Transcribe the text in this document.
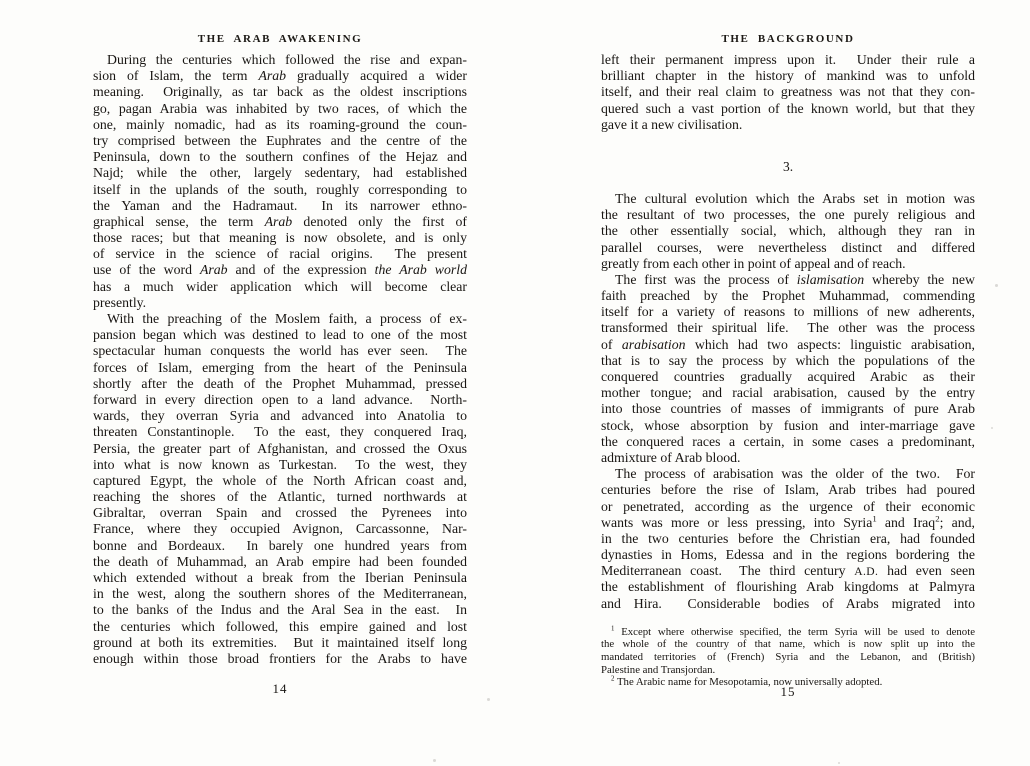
THE ARAB AWAKENING
During the centuries which followed the rise and expan-
sion of Islam, the term Arab gradually acquired a wider
meaning.  Originally, as tar back as the oldest inscriptions
go, pagan Arabia was inhabited by two races, of which the
one, mainly nomadic, had as its roaming-ground the coun-
try comprised between the Euphrates and the centre of the
Peninsula, down to the southern confines of the Hejaz and
Najd; while the other, largely sedentary, had established
itself in the uplands of the south, roughly corresponding to
the Yaman and the Hadramaut.  In its narrower ethno-
graphical sense, the term Arab denoted only the first of
those races; but that meaning is now obsolete, and is only
of service in the science of racial origins.  The present
use of the word Arab and of the expression the Arab world
has a much wider application which will become clear
presently.
With the preaching of the Moslem faith, a process of ex-
pansion began which was destined to lead to one of the most
spectacular human conquests the world has ever seen.  The
forces of Islam, emerging from the heart of the Peninsula
shortly after the death of the Prophet Muhammad, pressed
forward in every direction open to a land advance.  North-
wards, they overran Syria and advanced into Anatolia to
threaten Constantinople.  To the east, they conquered Iraq,
Persia, the greater part of Afghanistan, and crossed the Oxus
into what is now known as Turkestan.  To the west, they
captured Egypt, the whole of the North African coast and,
reaching the shores of the Atlantic, turned northwards at
Gibraltar, overran Spain and crossed the Pyrenees into
France, where they occupied Avignon, Carcassonne, Nar-
bonne and Bordeaux.  In barely one hundred years from
the death of Muhammad, an Arab empire had been founded
which extended without a break from the Iberian Peninsula
in the west, along the southern shores of the Mediterranean,
to the banks of the Indus and the Aral Sea in the east.  In
the centuries which followed, this empire gained and lost
ground at both its extremities.  But it maintained itself long
enough within those broad frontiers for the Arabs to have
14
THE BACKGROUND
left their permanent impress upon it.  Under their rule a
brilliant chapter in the history of mankind was to unfold
itself, and their real claim to greatness was not that they con-
quered such a vast portion of the known world, but that they
gave it a new civilisation.
3.
The cultural evolution which the Arabs set in motion was
the resultant of two processes, the one purely religious and
the other essentially social, which, although they ran in
parallel courses, were nevertheless distinct and differed
greatly from each other in point of appeal and of reach.
The first was the process of islamisation whereby the new
faith preached by the Prophet Muhammad, commending
itself for a variety of reasons to millions of new adherents,
transformed their spiritual life.  The other was the process
of arabisation which had two aspects: linguistic arabisation,
that is to say the process by which the populations of the
conquered countries gradually acquired Arabic as their
mother tongue; and racial arabisation, caused by the entry
into those countries of masses of immigrants of pure Arab
stock, whose absorption by fusion and inter-marriage gave
the conquered races a certain, in some cases a predominant,
admixture of Arab blood.
The process of arabisation was the older of the two.  For
centuries before the rise of Islam, Arab tribes had poured
or penetrated, according as the urgence of their economic
wants was more or less pressing, into Syria$^1$ and Iraq$^2$; and,
in the two centuries before the Christian era, had founded
dynasties in Homs, Edessa and in the regions bordering the
Mediterranean coast.  The third century A.D. had even seen
the establishment of flourishing Arab kingdoms at Palmyra
and Hira.  Considerable bodies of Arabs migrated into
$^1$ Except where otherwise specified, the term Syria will be used to denote
the whole of the country of that name, which is now split up into the
mandated territories of (French) Syria and the Lebanon, and (British)
Palestine and Transjordan.
$^2$ The Arabic name for Mesopotamia, now universally adopted.
15
